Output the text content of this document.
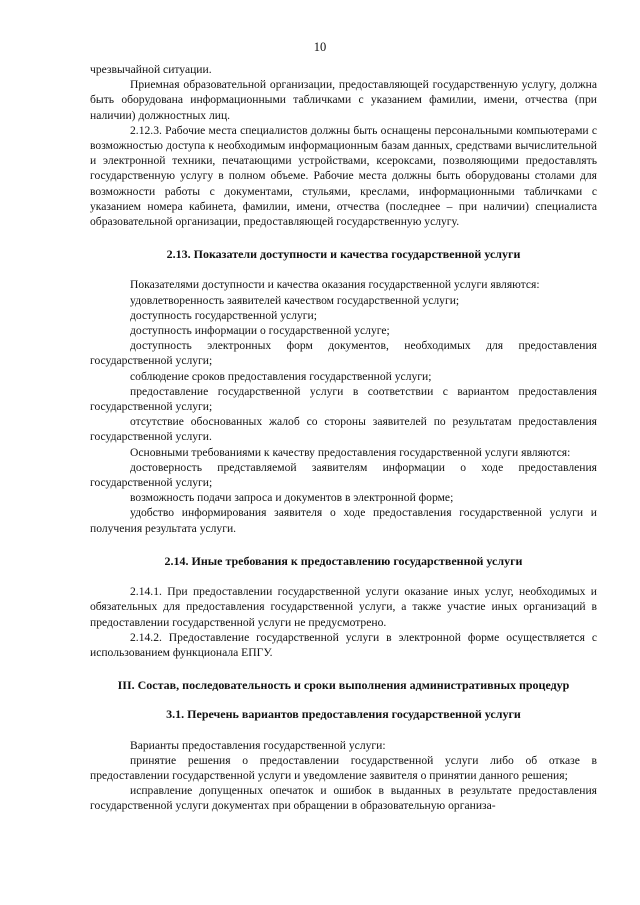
10

чрезвычайной ситуации.

Приемная образовательной организации, предоставляющей государственную услугу, должна быть оборудована информационными табличками с указанием фамилии, имени, отчества (при наличии) должностных лиц.

2.12.3. Рабочие места специалистов должны быть оснащены персональными компьютерами с возможностью доступа к необходимым информационным базам данных, средствами вычислительной и электронной техники, печатающими устройствами, ксероксами, позволяющими предоставлять государственную услугу в полном объеме. Рабочие места должны быть оборудованы столами для возможности работы с документами, стульями, креслами, информационными табличками с указанием номера кабинета, фамилии, имени, отчества (последнее – при наличии) специалиста образовательной организации, предоставляющей государственную услугу.

2.13. Показатели доступности и качества государственной услуги

Показателями доступности и качества оказания государственной услуги являются:

удовлетворенность заявителей качеством государственной услуги;

доступность государственной услуги;

доступность информации о государственной услуге;

доступность электронных форм документов, необходимых для предоставления государственной услуги;

соблюдение сроков предоставления государственной услуги;

предоставление государственной услуги в соответствии с вариантом предоставления государственной услуги;

отсутствие обоснованных жалоб со стороны заявителей по результатам предоставления государственной услуги.

Основными требованиями к качеству предоставления государственной услуги являются:

достоверность представляемой заявителям информации о ходе предоставления государственной услуги;

возможность подачи запроса и документов в электронной форме;

удобство информирования заявителя о ходе предоставления государственной услуги и получения результата услуги.

2.14. Иные требования к предоставлению государственной услуги

2.14.1. При предоставлении государственной услуги оказание иных услуг, необходимых и обязательных для предоставления государственной услуги, а также участие иных организаций в предоставлении государственной услуги не предусмотрено.

2.14.2. Предоставление государственной услуги в электронной форме осуществляется с использованием функционала ЕПГУ.

III. Состав, последовательность и сроки выполнения административных процедур
3.1. Перечень вариантов предоставления государственной услуги

Варианты предоставления государственной услуги:

принятие решения о предоставлении государственной услуги либо об отказе в предоставлении государственной услуги и уведомление заявителя о принятии данного решения;

исправление допущенных опечаток и ошибок в выданных в результате предоставления государственной услуги документах при обращении в образовательную организа-
